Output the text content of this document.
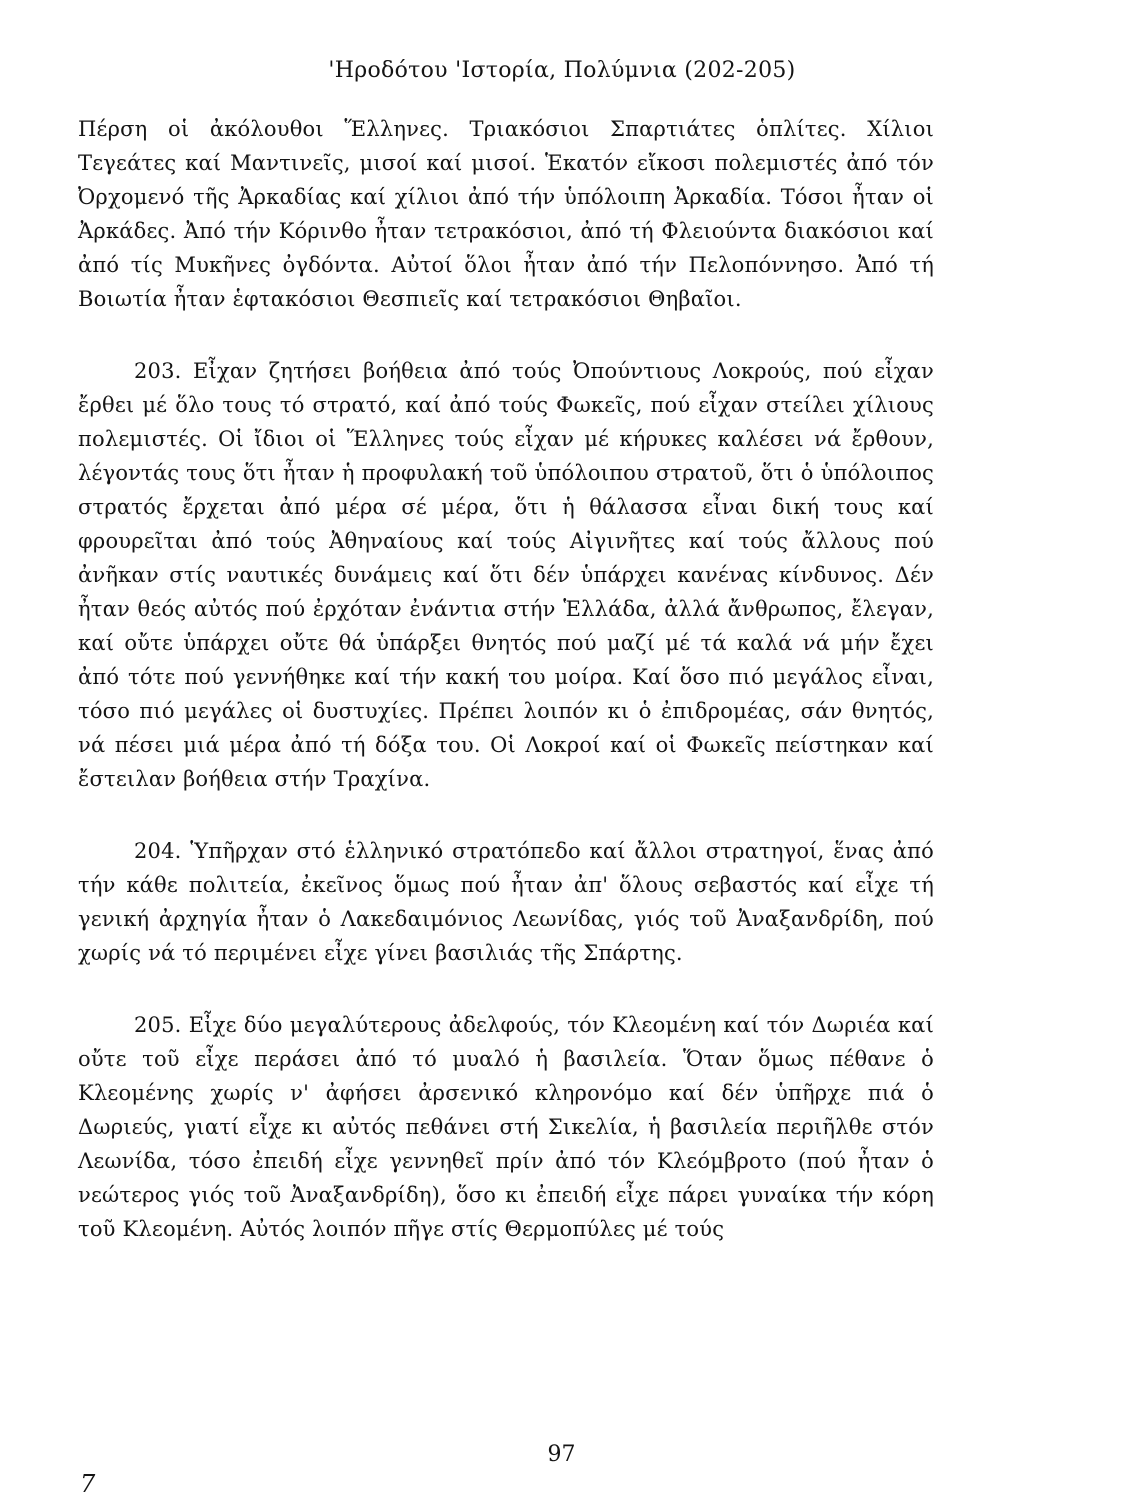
'Ηροδότου 'Ιστορία, Πολύμνια (202-205)

Πέρση οἱ ἀκόλουθοι Ἕλληνες. Τριακόσιοι Σπαρτιάτες ὁπλίτες. Χίλιοι Τεγεάτες καί Μαντινεῖς, μισοί καί μισοί. Ἑκατόν εἴκοσι πολεμιστές ἀπό τόν Ὀρχομενό τῆς Ἀρκαδίας καί χίλιοι ἀπό τήν ὑπόλοιπη Ἀρκαδία. Τόσοι ἦταν οἱ Ἀρκάδες. Ἀπό τήν Κόρινθο ἦταν τετρακόσιοι, ἀπό τή Φλειούντα διακόσιοι καί ἀπό τίς Μυκῆνες ὀγδόντα. Αὐτοί ὅλοι ἦταν ἀπό τήν Πελοπόννησο. Ἀπό τή Βοιωτία ἦταν ἑφτακόσιοι Θεσπιεῖς καί τετρακόσιοι Θηβαῖοι.

203. Εἶχαν ζητήσει βοήθεια ἀπό τούς Ὀπούντιους Λοκρούς, πού εἶχαν ἔρθει μέ ὅλο τους τό στρατό, καί ἀπό τούς Φωκεῖς, πού εἶχαν στείλει χίλιους πολεμιστές. Οἱ ἴδιοι οἱ Ἕλληνες τούς εἶχαν μέ κήρυκες καλέσει νά ἔρθουν, λέγοντάς τους ὅτι ἦταν ἡ προφυλακή τοῦ ὑπόλοιπου στρατοῦ, ὅτι ὁ ὑπόλοιπος στρατός ἔρχεται ἀπό μέρα σέ μέρα, ὅτι ἡ θάλασσα εἶναι δική τους καί φρουρεῖται ἀπό τούς Ἀθηναίους καί τούς Αἰγινῆτες καί τούς ἄλλους πού ἀνῆκαν στίς ναυτικές δυνάμεις καί ὅτι δέν ὑπάρχει κανένας κίνδυνος. Δέν ἦταν θεός αὐτός πού ἐρχόταν ἐνάντια στήν Ἑλλάδα, ἀλλά ἄνθρωπος, ἔλεγαν, καί οὔτε ὑπάρχει οὔτε θά ὑπάρξει θνητός πού μαζί μέ τά καλά νά μήν ἔχει ἀπό τότε πού γεννήθηκε καί τήν κακή του μοίρα. Καί ὅσο πιό μεγάλος εἶναι, τόσο πιό μεγάλες οἱ δυστυχίες. Πρέπει λοιπόν κι ὁ ἐπιδρομέας, σάν θνητός, νά πέσει μιά μέρα ἀπό τή δόξα του. Οἱ Λοκροί καί οἱ Φωκεῖς πείστηκαν καί ἔστειλαν βοήθεια στήν Τραχίνα.

204. Ὑπῆρχαν στό ἑλληνικό στρατόπεδο καί ἄλλοι στρατηγοί, ἕνας ἀπό τήν κάθε πολιτεία, ἐκεῖνος ὅμως πού ἦταν ἀπ' ὅλους σεβαστός καί εἶχε τή γενική ἀρχηγία ἦταν ὁ Λακεδαιμόνιος Λεωνίδας, γιός τοῦ Ἀναξανδρίδη, πού χωρίς νά τό περιμένει εἶχε γίνει βασιλιάς τῆς Σπάρτης.

205. Εἶχε δύο μεγαλύτερους ἀδελφούς, τόν Κλεομένη καί τόν Δωριέα καί οὔτε τοῦ εἶχε περάσει ἀπό τό μυαλό ἡ βασιλεία. Ὅταν ὅμως πέθανε ὁ Κλεομένης χωρίς ν' ἀφήσει ἀρσενικό κληρονόμο καί δέν ὑπῆρχε πιά ὁ Δωριεύς, γιατί εἶχε κι αὐτός πεθάνει στή Σικελία, ἡ βασιλεία περιῆλθε στόν Λεωνίδα, τόσο ἐπειδή εἶχε γεννηθεῖ πρίν ἀπό τόν Κλεόμβροτο (πού ἦταν ὁ νεώτερος γιός τοῦ Ἀναξανδρίδη), ὅσο κι ἐπειδή εἶχε πάρει γυναίκα τήν κόρη τοῦ Κλεομένη. Αὐτός λοιπόν πῆγε στίς Θερμοπύλες μέ τούς

97
7
